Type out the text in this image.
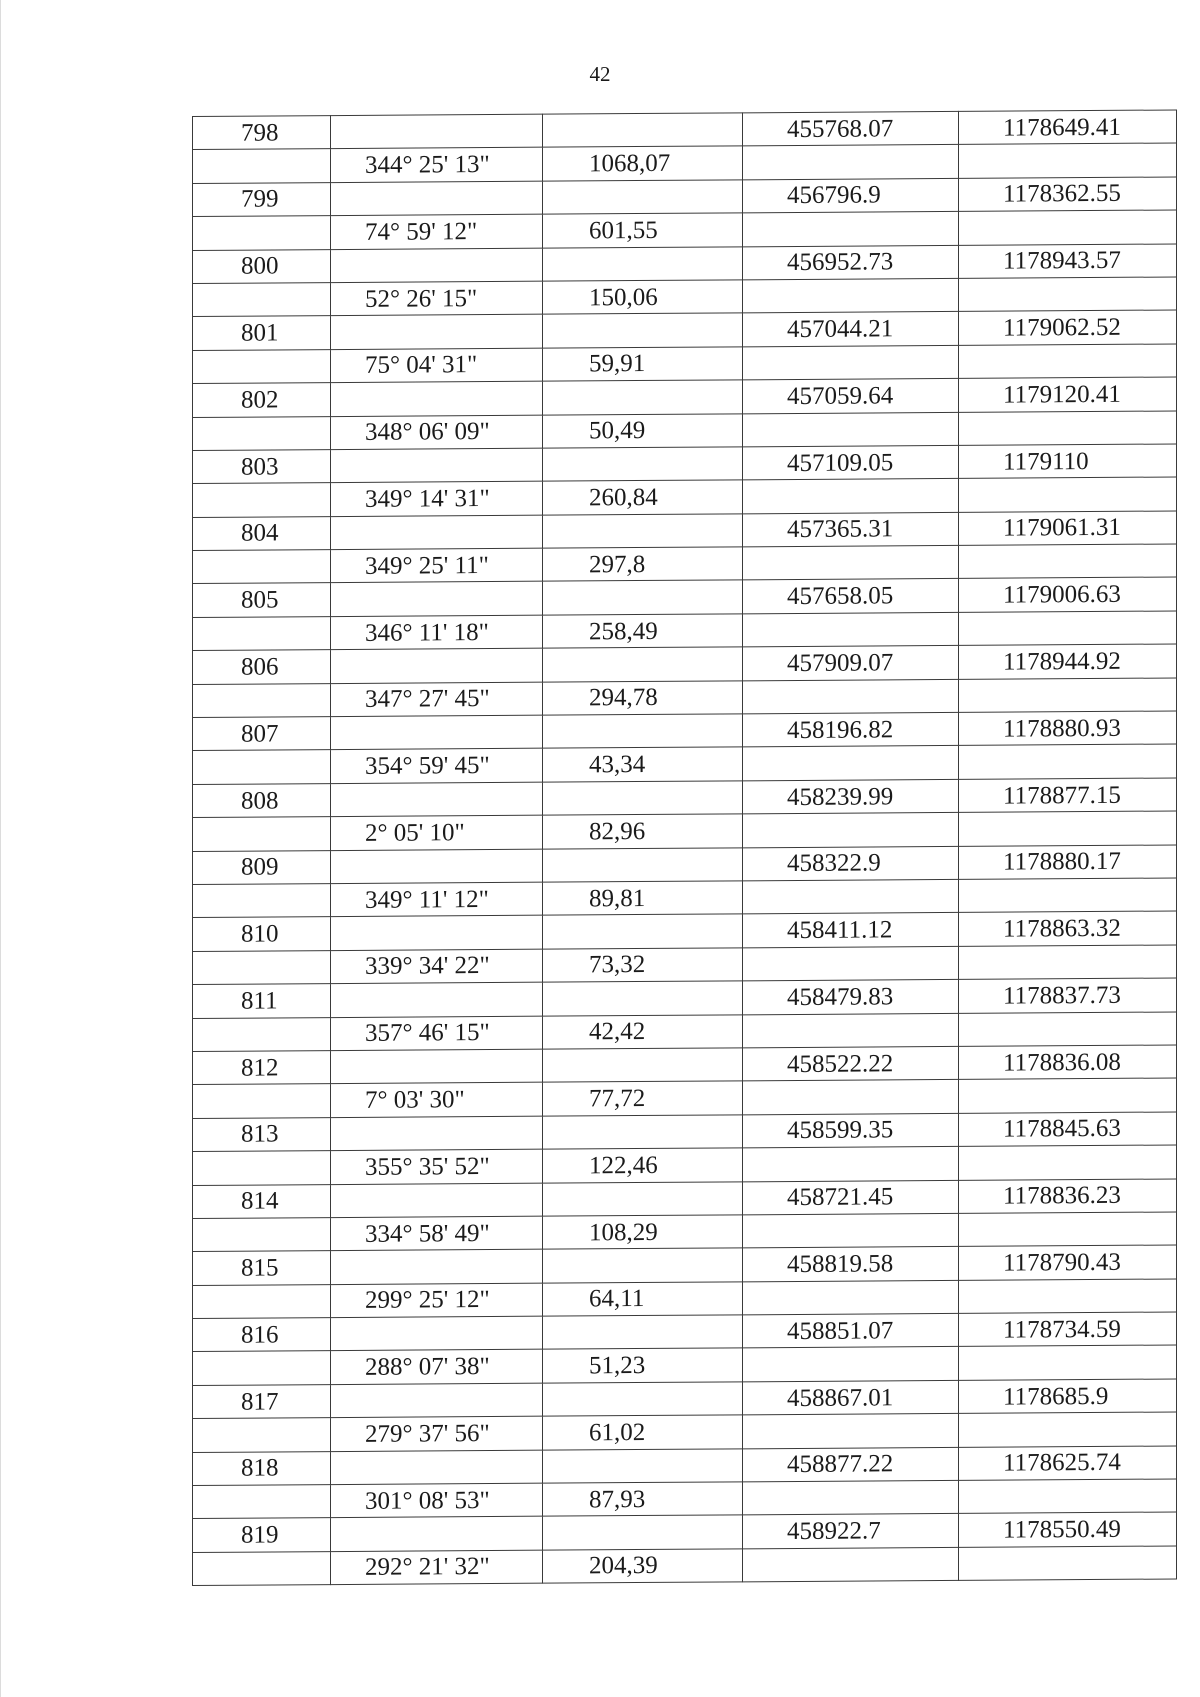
42
798			455768.07	1178649.41
	344° 25' 13"	1068,07		
799			456796.9	1178362.55
	74° 59' 12"	601,55		
800			456952.73	1178943.57
	52° 26' 15"	150,06		
801			457044.21	1179062.52
	75° 04' 31"	59,91		
802			457059.64	1179120.41
	348° 06' 09"	50,49		
803			457109.05	1179110
	349° 14' 31"	260,84		
804			457365.31	1179061.31
	349° 25' 11"	297,8		
805			457658.05	1179006.63
	346° 11' 18"	258,49		
806			457909.07	1178944.92
	347° 27' 45"	294,78		
807			458196.82	1178880.93
	354° 59' 45"	43,34		
808			458239.99	1178877.15
	2° 05' 10"	82,96		
809			458322.9	1178880.17
	349° 11' 12"	89,81		
810			458411.12	1178863.32
	339° 34' 22"	73,32		
811			458479.83	1178837.73
	357° 46' 15"	42,42		
812			458522.22	1178836.08
	7° 03' 30"	77,72		
813			458599.35	1178845.63
	355° 35' 52"	122,46		
814			458721.45	1178836.23
	334° 58' 49"	108,29		
815			458819.58	1178790.43
	299° 25' 12"	64,11		
816			458851.07	1178734.59
	288° 07' 38"	51,23		
817			458867.01	1178685.9
	279° 37' 56"	61,02		
818			458877.22	1178625.74
	301° 08' 53"	87,93		
819			458922.7	1178550.49
	292° 21' 32"	204,39		
